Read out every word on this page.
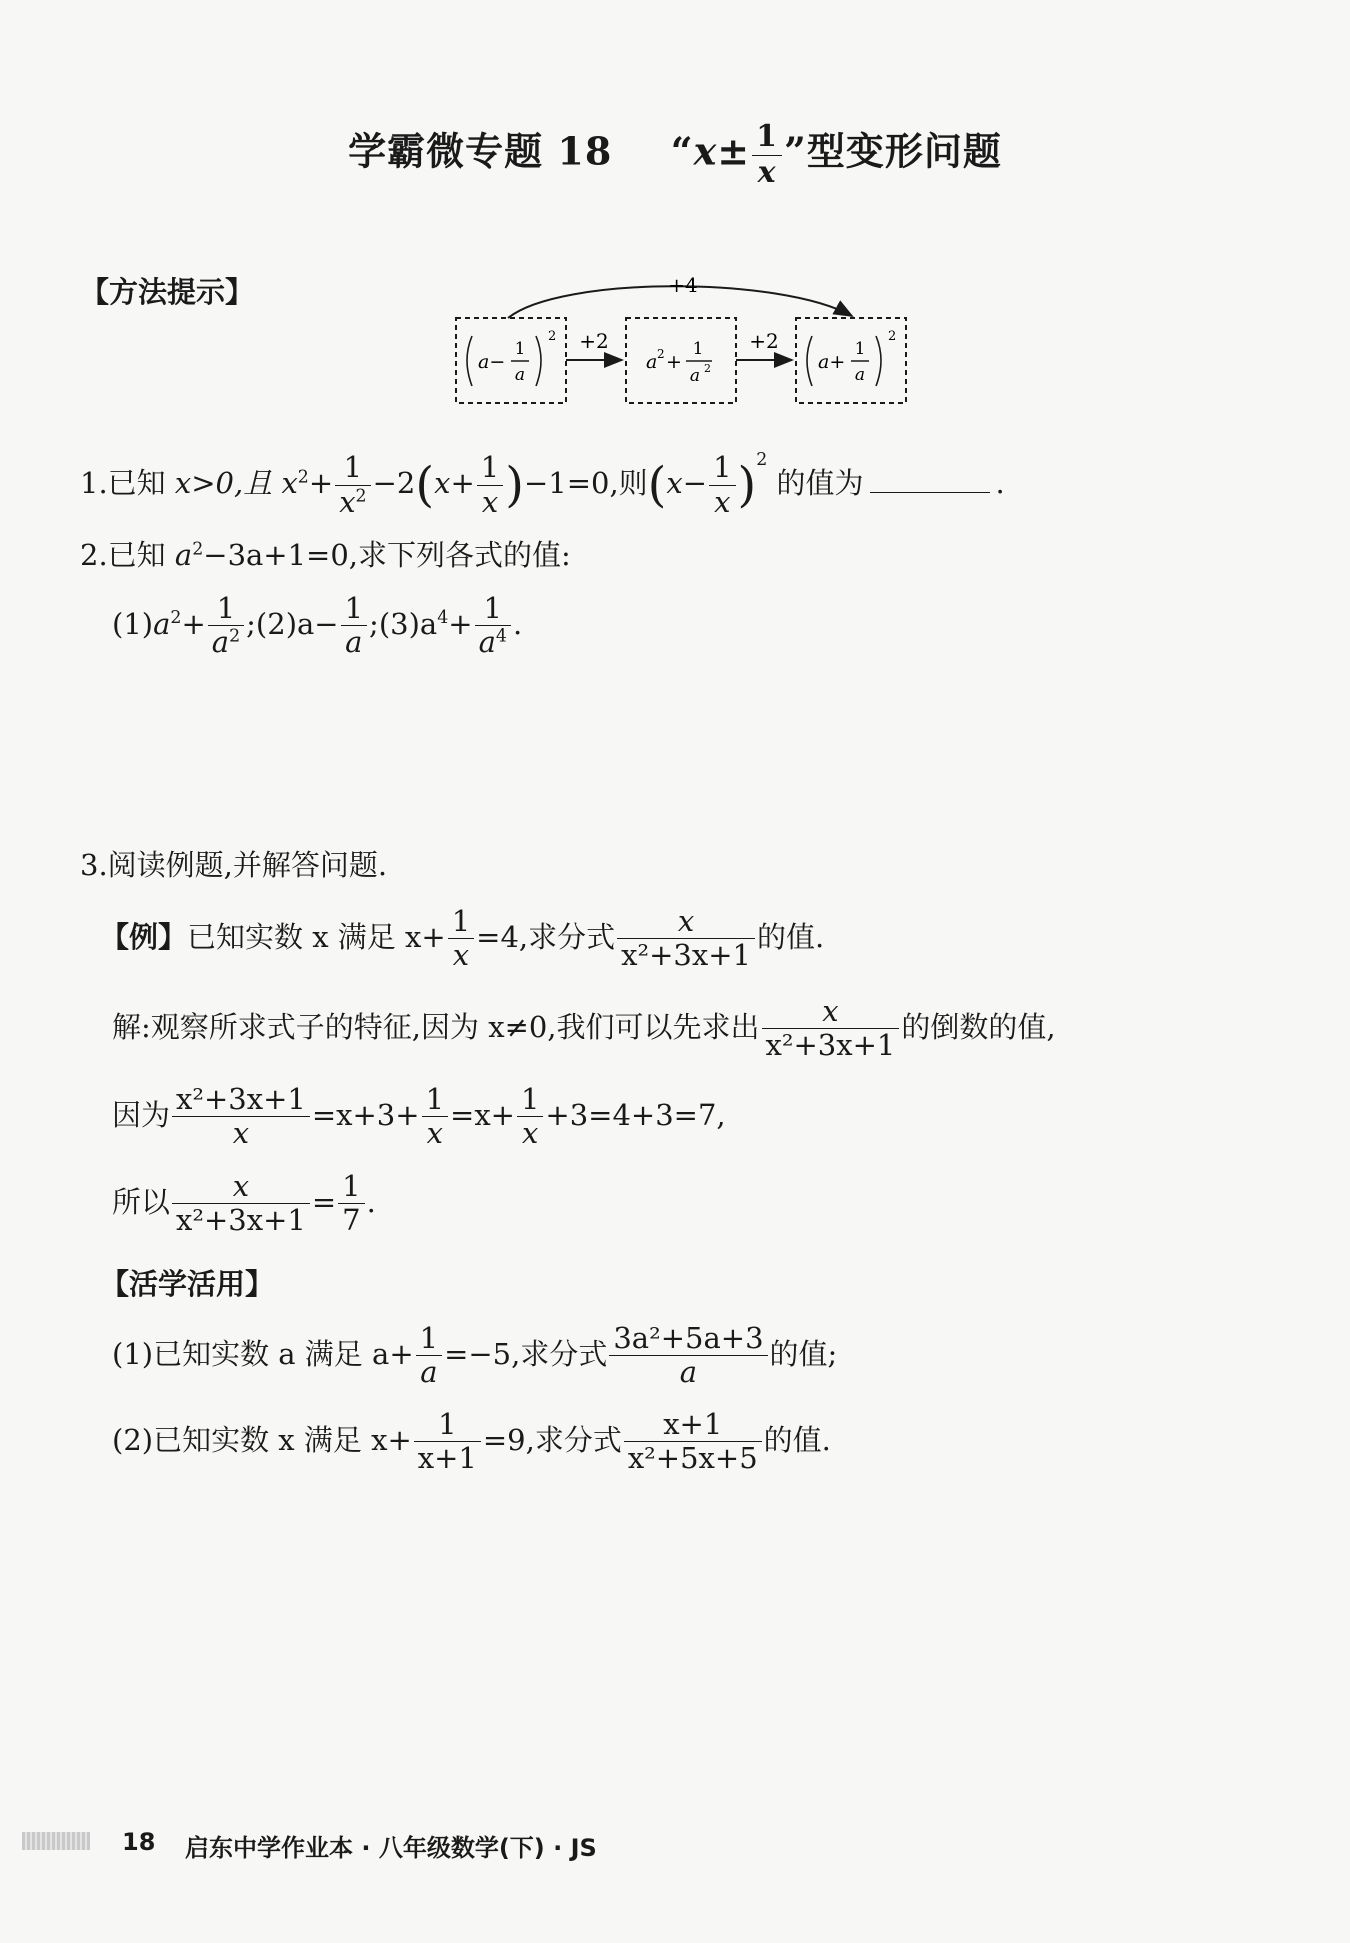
学霸微专题 18 “$x\pm \frac{1}{x}$ ”型变形问题
【方法提示】	+4
+2	+2
a−
1
a
2
a 2 +
1
a 2	a+
1
a
2
1.已知 x>0,且 $x^2+ \frac{1}{x^2} -2(x+ \frac{1}{x} )-1=0$,则$(x- \frac{1}{x} )^2$ 的值为	.
2.已知 $a^2-3a+1=0$,求下列各式的值:
$(1)a^2+ \frac{1}{a^2}$ ;(2)a− $\frac{1}{a}$ $;(3)a^4+ \frac{1}{a^4}$ .
3.阅读例题,并解答问题.
【例】已知实数 x 满足 $x+ \frac{1}{x} =4$,求分式 $\frac{x}{\text{x²+3x+1}}$ 的值.
解:观察所求式子的特征,因为 x≠0,我们可以先求出 $\frac{x}{\text{x²+3x+1}}$ 的倒数的值,
因为 $\frac{\text{x²+3x+1}}{x} =x+3+ \frac{1}{x} =x+ \frac{1}{x} +3=4+3=7$,
所以 $\frac{x}{\text{x²+3x+1}} = \frac{1}{7}$ .
【活学活用】
(1)已知实数 a 满足 $a+ \frac{1}{a} =-5$,求分式 $\frac{\text{3a²+5a+3}}{a}$ 的值;
(2)已知实数 x 满足 $x+ \frac{1}{x+1} =9$,求分式 $\frac{x+1}{\text{x²+5x+5}}$ 的值.
18 启东中学作业本 · 八年级数学(下) · JS
